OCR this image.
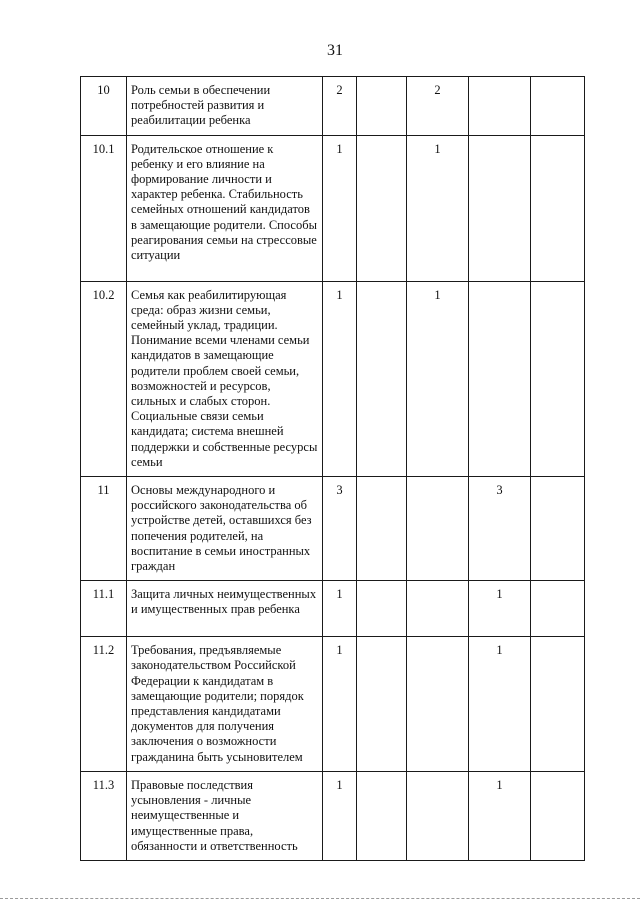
31
10	Роль семьи в обеспечении потребностей развития и реабилитации ребенка	2		2		
10.1	Родительское отношение к ребенку и его влияние на формирование личности и характер ребенка. Стабильность семейных отношений кандидатов в замещающие родители. Способы реагирования семьи на стрессовые ситуации	1		1		
10.2	Семья как реабилитирующая среда: образ жизни семьи, семейный уклад, традиции. Понимание всеми членами семьи кандидатов в замещающие родители проблем своей семьи, возможностей и ресурсов, сильных и слабых сторон. Социальные связи семьи кандидата; система внешней поддержки и собственные ресурсы семьи	1		1		
11	Основы международного и российского законодательства об устройстве детей, оставшихся без попечения родителей, на воспитание в семьи иностранных граждан	3			3	
11.1	Защита личных неимущественных и имущественных прав ребенка	1			1	
11.2	Требования, предъявляемые законодательством Российской Федерации к кандидатам в замещающие родители; порядок представления кандидатами документов для получения заключения о возможности гражданина быть усыновителем	1			1	
11.3	Правовые последствия усыновления - личные неимущественные и имущественные права, обязанности и ответственность	1			1	
